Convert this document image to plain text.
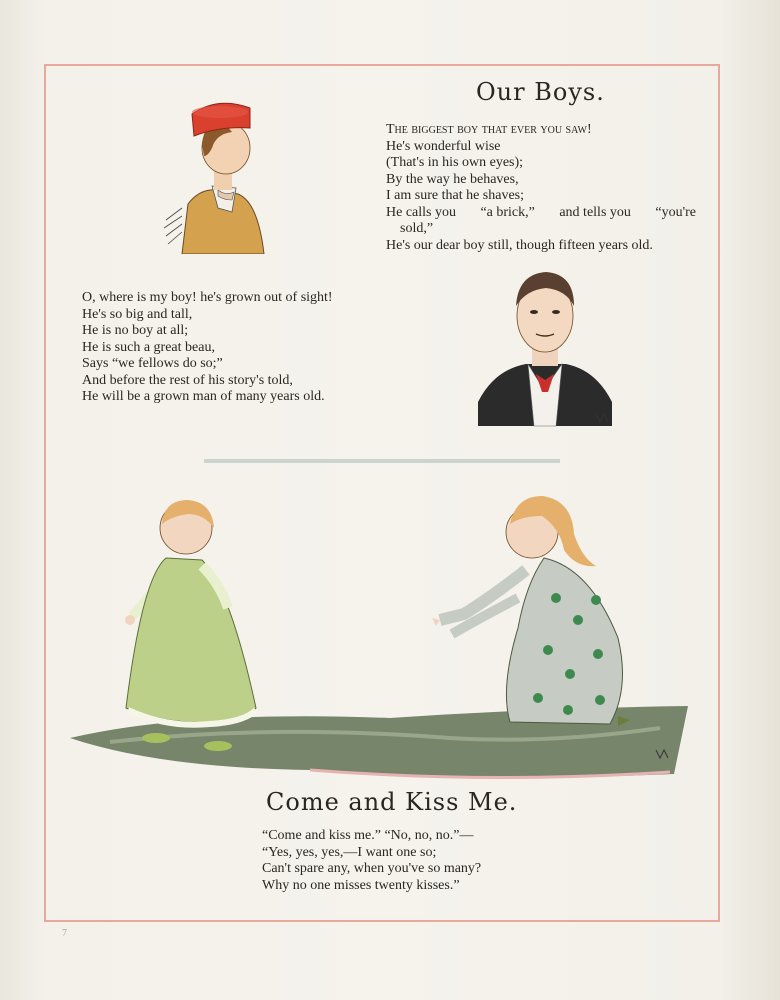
Our Boys.
The biggest boy that ever you saw!
He's wonderful wise
(That's in his own eyes);
By the way he behaves,
I am sure that he shaves;
He calls you “a brick,” and tells you “you're
sold,”
He's our dear boy still, though fifteen years old.
O, where is my boy! he's grown out of sight!
He's so big and tall,
He is no boy at all;
He is such a great beau,
Says “we fellows do so;”
And before the rest of his story's told,
He will be a grown man of many years old.
Come and Kiss Me.
“Come and kiss me.” “No, no, no.”—
“Yes, yes, yes,—I want one so;
Can't spare any, when you've so many?
Why no one misses twenty kisses.”
7
